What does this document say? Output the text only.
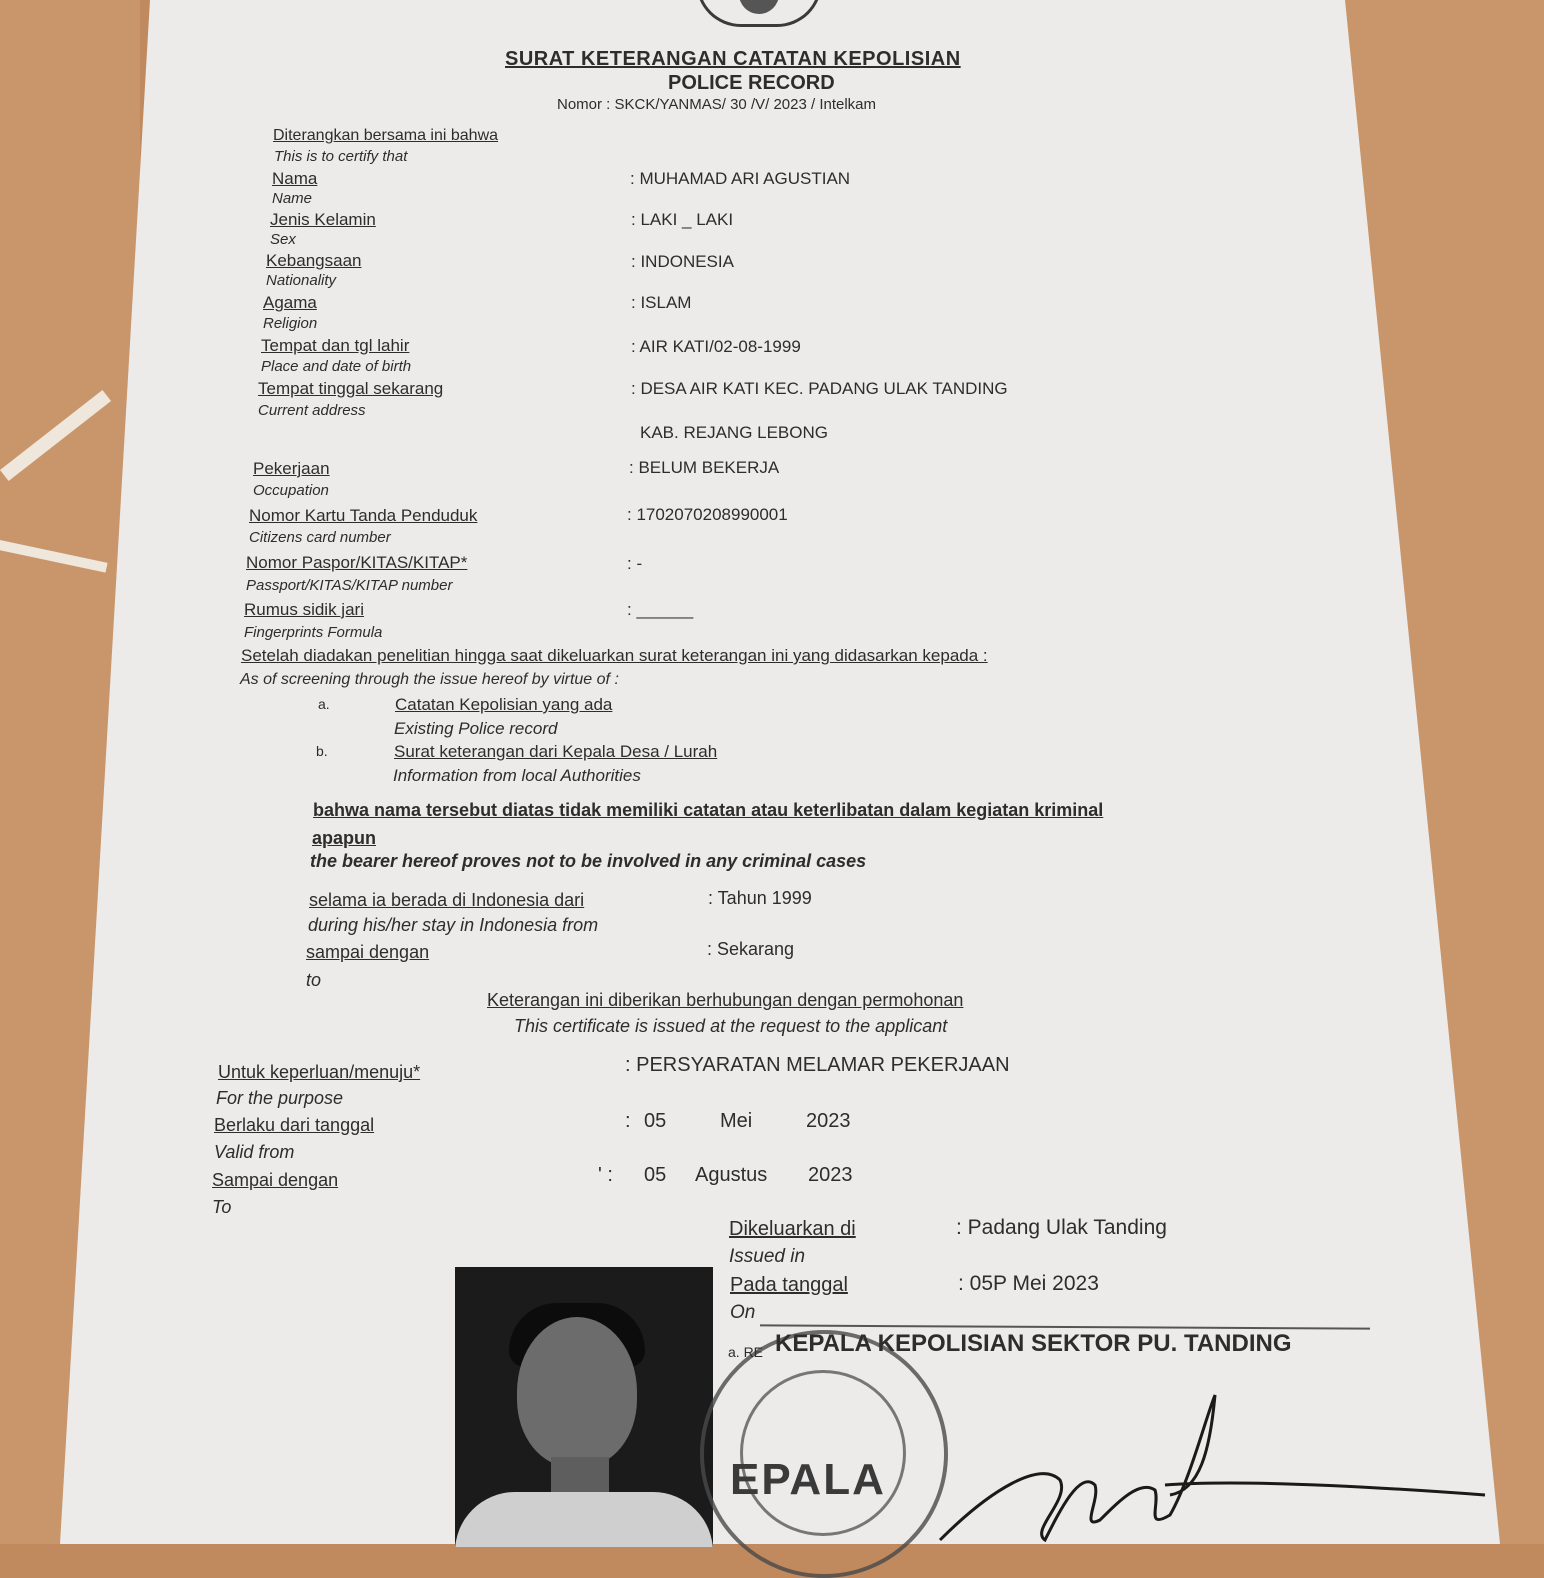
SURAT KETERANGAN CATATAN KEPOLISIAN
POLICE RECORD
Nomor : SKCK/YANMAS/ 30 /V/ 2023 / Intelkam
Diterangkan bersama ini bahwa
This is to certify that
Nama
Name
: MUHAMAD ARI AGUSTIAN
Jenis Kelamin
Sex
: LAKI _ LAKI
Kebangsaan
Nationality
: INDONESIA
Agama
Religion
: ISLAM
Tempat dan tgl lahir
Place and date of birth
: AIR KATI/02-08-1999
Tempat tinggal sekarang
Current address
: DESA AIR KATI KEC. PADANG ULAK TANDING
KAB. REJANG LEBONG
Pekerjaan
Occupation
: BELUM BEKERJA
Nomor Kartu Tanda Penduduk
Citizens card number
: 1702070208990001
Nomor Paspor/KITAS/KITAP*
Passport/KITAS/KITAP number
: -
Rumus sidik jari
Fingerprints Formula
: ______
Setelah diadakan penelitian hingga saat dikeluarkan surat keterangan ini yang didasarkan kepada :
As of screening through the issue hereof by virtue of :
a.	Catatan Kepolisian yang ada
Existing Police record
b.	Surat keterangan dari Kepala Desa / Lurah
Information from local Authorities
bahwa nama tersebut diatas tidak memiliki catatan atau keterlibatan dalam kegiatan kriminal
apapun
the bearer hereof proves not to be involved in any criminal cases
selama ia berada di Indonesia dari
during his/her stay in Indonesia from
: Tahun 1999
sampai dengan
to
: Sekarang
Keterangan ini diberikan berhubungan dengan permohonan
This certificate is issued at the request to the applicant
Untuk keperluan/menuju*
For the purpose
: PERSYARATAN MELAMAR PEKERJAAN
Berlaku dari tanggal
Valid from
: 05	Mei	2023
Sampai dengan
To
' : 05 Agustus 2023
Dikeluarkan di
Issued in
: Padang Ulak Tanding
Pada tanggal
On
: 05P Mei 2023
EPALA
a. RE KEPALA KEPOLISIAN SEKTOR PU. TANDING
